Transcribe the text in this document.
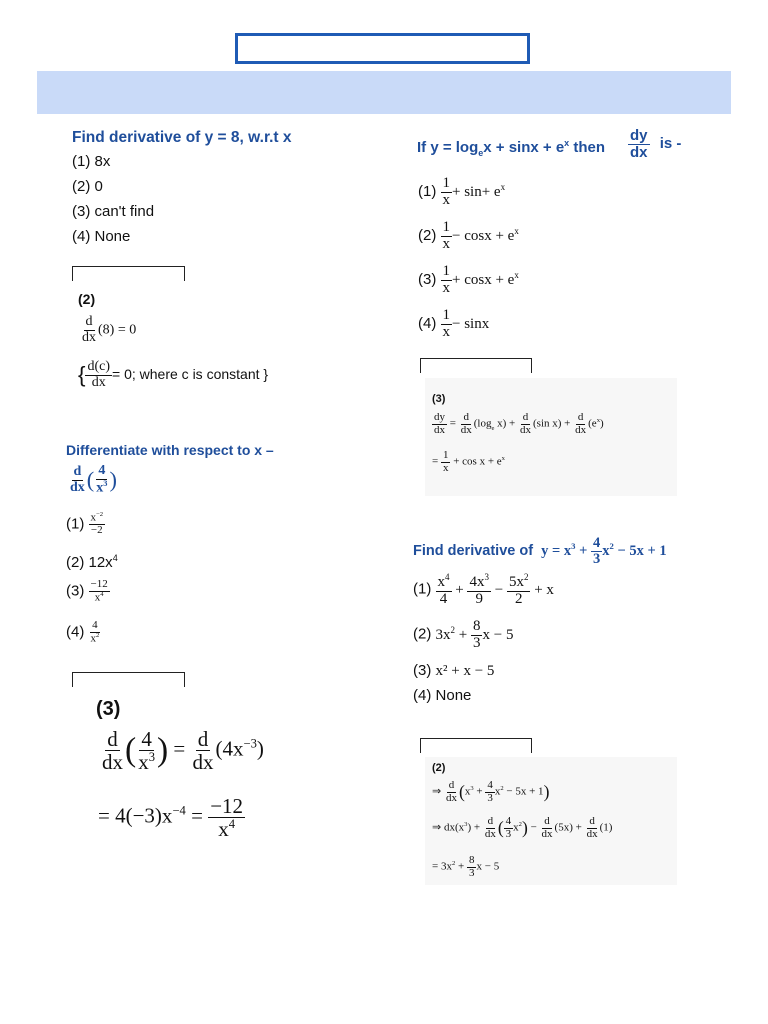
Find derivative of y = 8, w.r.t x
(1) 8x
(2) 0
(3) can't find
(4) None
(2)
$\frac{d}{dx} (8) = 0$
{ $\frac{d(c)}{dx} = 0$; where c is constant }
Differentiate with respect to x –
$\frac{d}{dx}$ ( $\frac{4}{x^3}$ )
$(1) \frac{x^{-2}}{-2}$
(2) $12x^4$
$(3) \frac{-12}{x^4}$
$(4) \frac{4}{x^2}$
(3)
$\frac{d}{dx}$ ( $\frac{4}{x^3}$ ) = $\frac{d}{dx} (4x^{-3})$
= $4(-3)x^{-4} = \frac{-12}{x^4}$
If $y = \log_ex + \sin x + e^x$ then $\frac{dy}{dx}$ is -
$(1) \frac{1}{x} + \sin+ e^x$
$(2) \frac{1}{x} - \cos x + e^x$
$(3) \frac{1}{x} + \cos x + e^x$
$(4) \frac{1}{x} - \sin x$
(3)
$\frac{dy}{dx} = \frac{d}{dx} (\log_e$ $x) + \frac{d}{dx} (\sin$ $x) + \frac{d}{dx} (e^x)$
= $\frac{1}{x} + \cos x + e^x$
Find derivative of $y = x^3 + \frac{4}{3} x^2 - 5x + 1$
$(1) \frac{x^4}{4} + \frac{4x^3}{9} - \frac{5x^2}{2} + x$
(2) $3x^2 + \frac{8}{3}$ x − 5
(3) x² + x − 5
(4) None
(2)
⇒ $\frac{d}{dx} (x^3 + \frac{4}{3} x^2 - 5x + 1)$
⇒ $dx(x^3) + \frac{d}{dx}$ ( $\frac{4}{3} x^2) - \frac{d}{dx} (5x) + \frac{d}{dx} (1)$
= $3x^2 + \frac{8}{3}$ x − 5
